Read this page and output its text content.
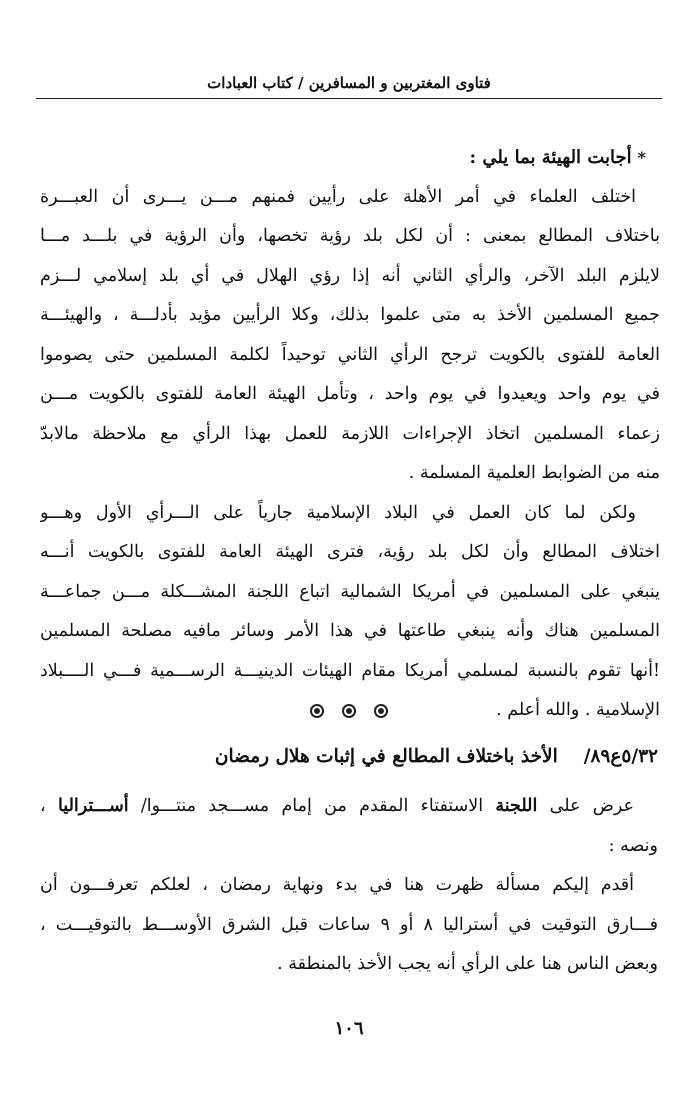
فتاوى المغتربين و المسافرين / كتاب العبادات
*أجابت الهيئة بما يلي :
اختلف العلماء في أمر الأهلة على رأيين فمنهم مـــن يـــرى أن العبـــرة
باختلاف المطالع بمعنى : أن لكل بلد رؤية تخصها، وأن الرؤية في بلـــد مـــا
لايلزم البلد الآخر، والرأي الثاني أنه إذا رؤي الهلال في أي بلد إسلامي لـــزم
جميع المسلمين الأخذ به متى علموا بذلك، وكلا الرأيين مؤيد بأدلـــة ، والهيئـــة
العامة للفتوى بالكويت ترجح الرأي الثاني توحيداً لكلمة المسلمين حتى يصوموا
في يوم واحد ويعيدوا في يوم واحد ، وتأمل الهيئة العامة للفتوى بالكويت مـــن
زعماء المسلمين اتخاذ الإجراءات اللازمة للعمل بهذا الرأي مع ملاحظة مالابدّ
منه من الضوابط العلمية المسلمة .
ولكن لما كان العمل في البلاد الإسلامية جارياً على الـــرأي الأول وهـــو
اختلاف المطالع وأن لكل بلد رؤية، فترى الهيئة العامة للفتوى بالكويت أنـــه
ينبغي على المسلمين في أمريكا الشمالية اتباع اللجنة المشـــكلة مـــن جماعـــة
المسلمين هناك وأنه ينبغي طاعتها في هذا الأمر وسائر مافيه مصلحة المسلمين
!أنها تقوم بالنسبة لمسلمي أمريكا مقام الهيئات الدينيـــة الرســـمية فـــي الــــبلاد
الإسلامية . والله أعلم .

٥/٣٢ع٨٩/الأخذ باختلاف المطالع في إثبات هلال رمضان
عرض على اللجنة الاستفتاء المقدم من إمام مســـجد منتـــوا/ أســـتراليا ،
ونصه :
أقدم إليكم مسألة ظهرت هنا في بدء ونهاية رمضان ، لعلكم تعرفـــون أن
فـــارق التوقيت في أستراليا ٨ أو ٩ ساعات قبل الشرق الأوســـط بالتوقيـــت ،
وبعض الناس هنا على الرأي أنه يجب الأخذ بالمنطقة .
١٠٦
